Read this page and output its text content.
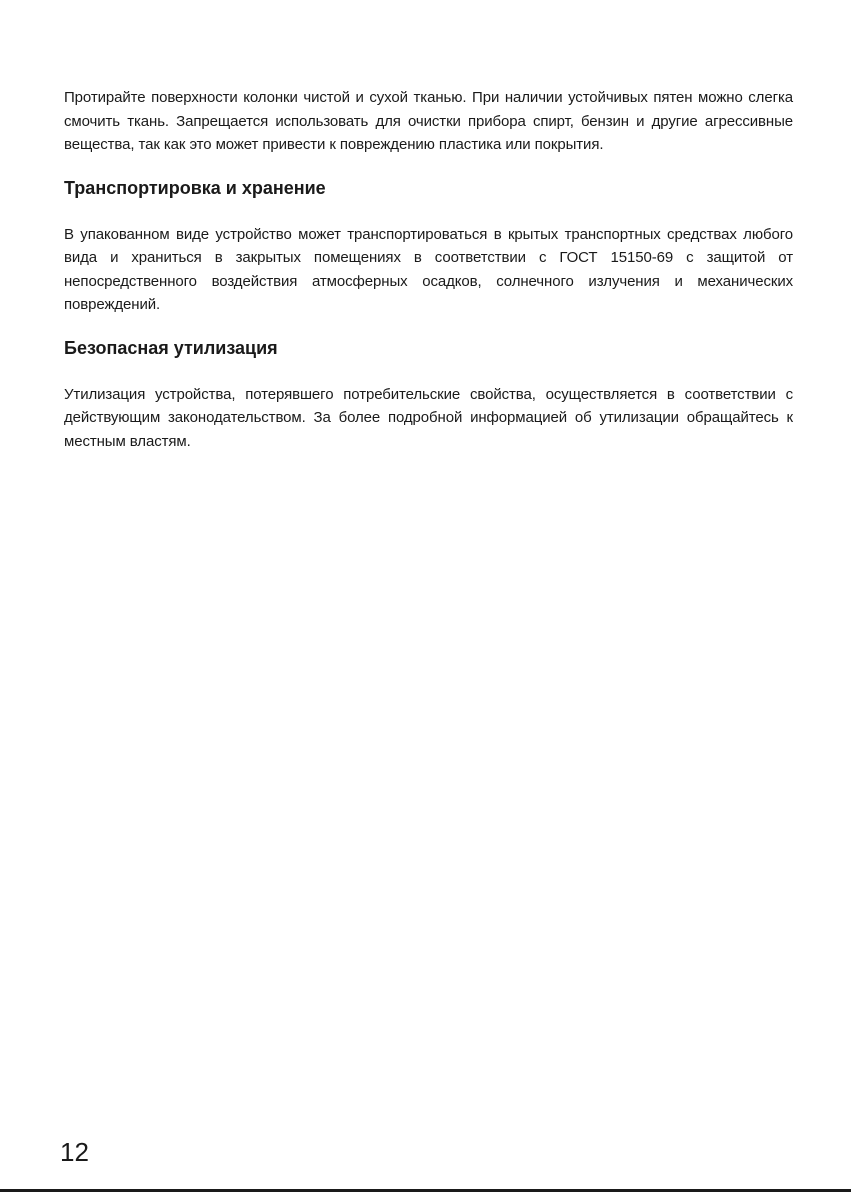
Протирайте поверхности колонки чистой и сухой тканью. При наличии устойчивых пятен можно слегка смочить ткань. Запрещается использовать для очистки прибора спирт, бензин и другие агрессивные вещества, так как это может привести к повреждению пластика или покрытия.

Транспортировка и хранение

В упакованном виде устройство может транспортироваться в крытых транспортных средствах любого вида и храниться в закрытых помещениях в соответствии с ГОСТ 15150-69 с защитой от непосредственного воздействия атмосферных осадков, солнечного излучения и механических повреждений.

Безопасная утилизация

Утилизация устройства, потерявшего потребительские свойства, осуществляется в соответствии с действующим законодательством. За более подробной информацией об утилизации обращайтесь к местным властям.

12
